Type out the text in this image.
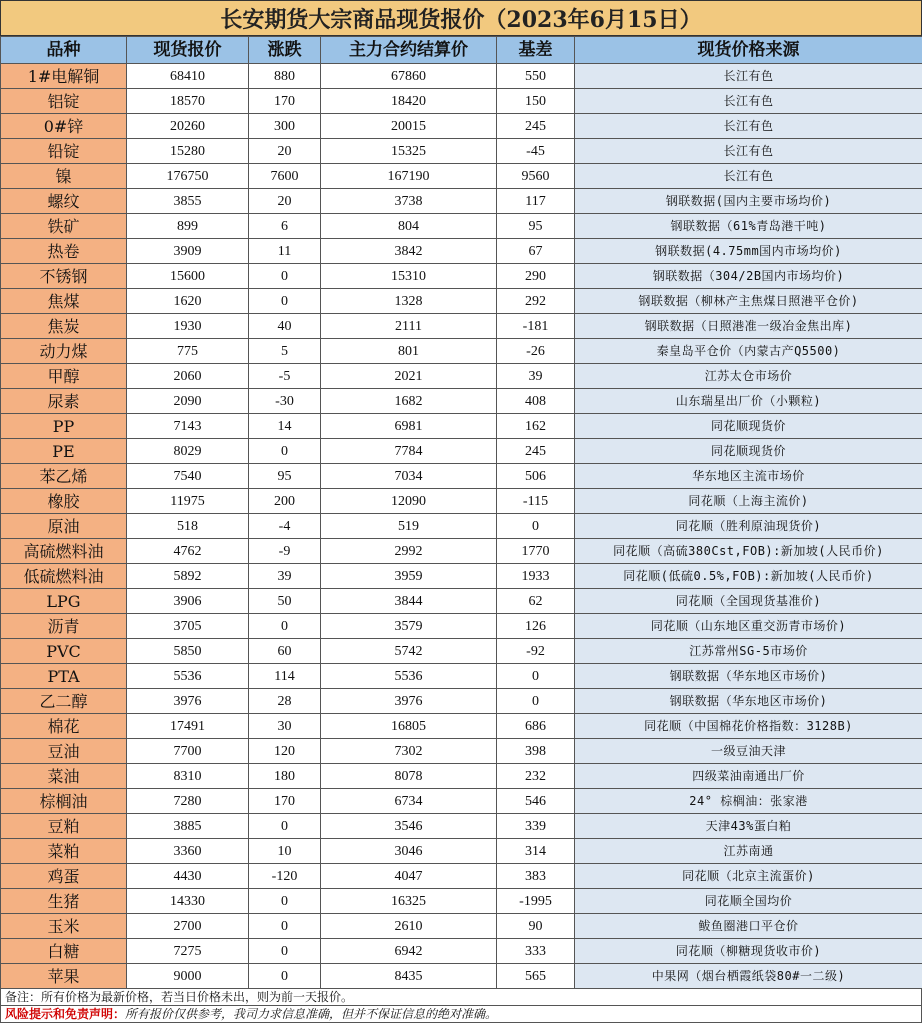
长安期货大宗商品现货报价（2023年6月15日）
品种	现货报价	涨跌	主力合约结算价	基差	现货价格来源
1#电解铜	68410	880	67860	550	长江有色
铝锭	18570	170	18420	150	长江有色
0#锌	20260	300	20015	245	长江有色
铅锭	15280	20	15325	-45	长江有色
镍	176750	7600	167190	9560	长江有色
螺纹	3855	20	3738	117	钢联数据(国内主要市场均价)
铁矿	899	6	804	95	钢联数据（61%青岛港干吨)
热卷	3909	11	3842	67	钢联数据(4.75mm国内市场均价)
不锈钢	15600	0	15310	290	钢联数据（304/2B国内市场均价)
焦煤	1620	0	1328	292	钢联数据（柳林产主焦煤日照港平仓价)
焦炭	1930	40	2111	-181	钢联数据（日照港准一级冶金焦出库)
动力煤	775	5	801	-26	秦皇岛平仓价（内蒙古产Q5500)
甲醇	2060	-5	2021	39	江苏太仓市场价
尿素	2090	-30	1682	408	山东瑞星出厂价（小颗粒)
PP	7143	14	6981	162	同花顺现货价
PE	8029	0	7784	245	同花顺现货价
苯乙烯	7540	95	7034	506	华东地区主流市场价
橡胶	11975	200	12090	-115	同花顺（上海主流价)
原油	518	-4	519	0	同花顺（胜利原油现货价)
高硫燃料油	4762	-9	2992	1770	同花顺（高硫380Cst,FOB):新加坡(人民币价)
低硫燃料油	5892	39	3959	1933	同花顺(低硫0.5%,FOB):新加坡(人民币价)
LPG	3906	50	3844	62	同花顺（全国现货基准价)
沥青	3705	0	3579	126	同花顺（山东地区重交沥青市场价)
PVC	5850	60	5742	-92	江苏常州SG-5市场价
PTA	5536	114	5536	0	钢联数据（华东地区市场价)
乙二醇	3976	28	3976	0	钢联数据（华东地区市场价)
棉花	17491	30	16805	686	同花顺（中国棉花价格指数：3128B)
豆油	7700	120	7302	398	一级豆油天津
菜油	8310	180	8078	232	四级菜油南通出厂价
棕榈油	7280	170	6734	546	24° 棕榈油：张家港
豆粕	3885	0	3546	339	天津43%蛋白粕
菜粕	3360	10	3046	314	江苏南通
鸡蛋	4430	-120	4047	383	同花顺（北京主流蛋价)
生猪	14330	0	16325	-1995	同花顺全国均价
玉米	2700	0	2610	90	鲅鱼圈港口平仓价
白糖	7275	0	6942	333	同花顺（柳糖现货收市价)
苹果	9000	0	8435	565	中果网（烟台栖霞纸袋80#一二级)
备注：所有价格为最新价格，若当日价格未出，则为前一天报价。
风险提示和免责声明：所有报价仅供参考，我司力求信息准确，但并不保证信息的绝对准确。
